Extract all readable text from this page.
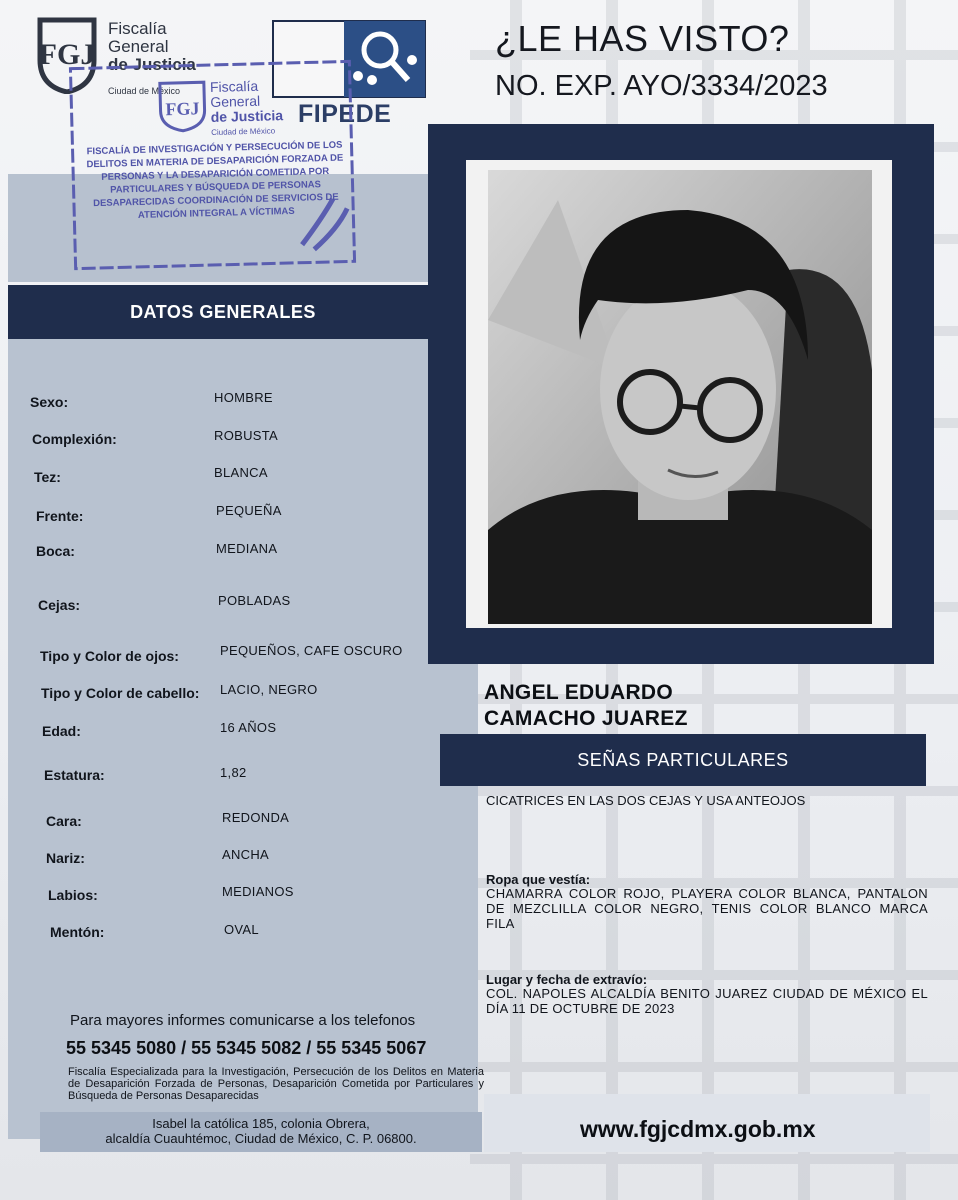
FGJ
Fiscalía
General
de Justicia
Ciudad de México
FIPEDE
FGJ
Fiscalía
General
de Justicia
Ciudad de México
FISCALÍA DE INVESTIGACIÓN Y PERSECUCIÓN DE LOS DELITOS EN MATERIA DE DESAPARICIÓN FORZADA DE PERSONAS Y LA DESAPARICIÓN COMETIDA POR PARTICULARES Y BÚSQUEDA DE PERSONAS DESAPARECIDAS COORDINACIÓN DE SERVICIOS DE ATENCIÓN INTEGRAL A VÍCTIMAS
¿LE HAS VISTO?
NO. EXP. AYO/3334/2023
DATOS GENERALES
Sexo:	HOMBRE
Complexión:	ROBUSTA
Tez:	BLANCA
Frente:	PEQUEÑA
Boca:	MEDIANA
Cejas:	POBLADAS
Tipo y Color de ojos:	PEQUEÑOS, CAFE OSCURO
Tipo y Color de cabello: LACIO, NEGRO
Edad:	16 AÑOS
Estatura:	1,82
Cara:	REDONDA
Nariz:	ANCHA
Labios:	MEDIANOS
Mentón:	OVAL
ANGEL EDUARDO
CAMACHO JUAREZ
SEÑAS PARTICULARES
CICATRICES EN LAS DOS CEJAS Y USA ANTEOJOS
Ropa que vestía:
CHAMARRA COLOR ROJO, PLAYERA COLOR BLANCA, PANTALON DE MEZCLILLA COLOR NEGRO, TENIS COLOR BLANCO MARCA FILA
Lugar y fecha de extravío:
COL. NAPOLES ALCALDÍA BENITO JUAREZ CIUDAD DE MÉXICO EL DÍA 11 DE OCTUBRE DE 2023
Para mayores informes comunicarse a los telefonos
55 5345 5080 / 55 5345 5082 / 55 5345 5067
Fiscalía Especializada para la Investigación, Persecución de los Delitos en Materia de Desaparición Forzada de Personas, Desaparición Cometida por Particulares y Búsqueda de Personas Desaparecidas
Isabel la católica 185, colonia Obrera,
alcaldía Cuauhtémoc, Ciudad de México, C. P. 06800.	www.fgjcdmx.gob.mx
